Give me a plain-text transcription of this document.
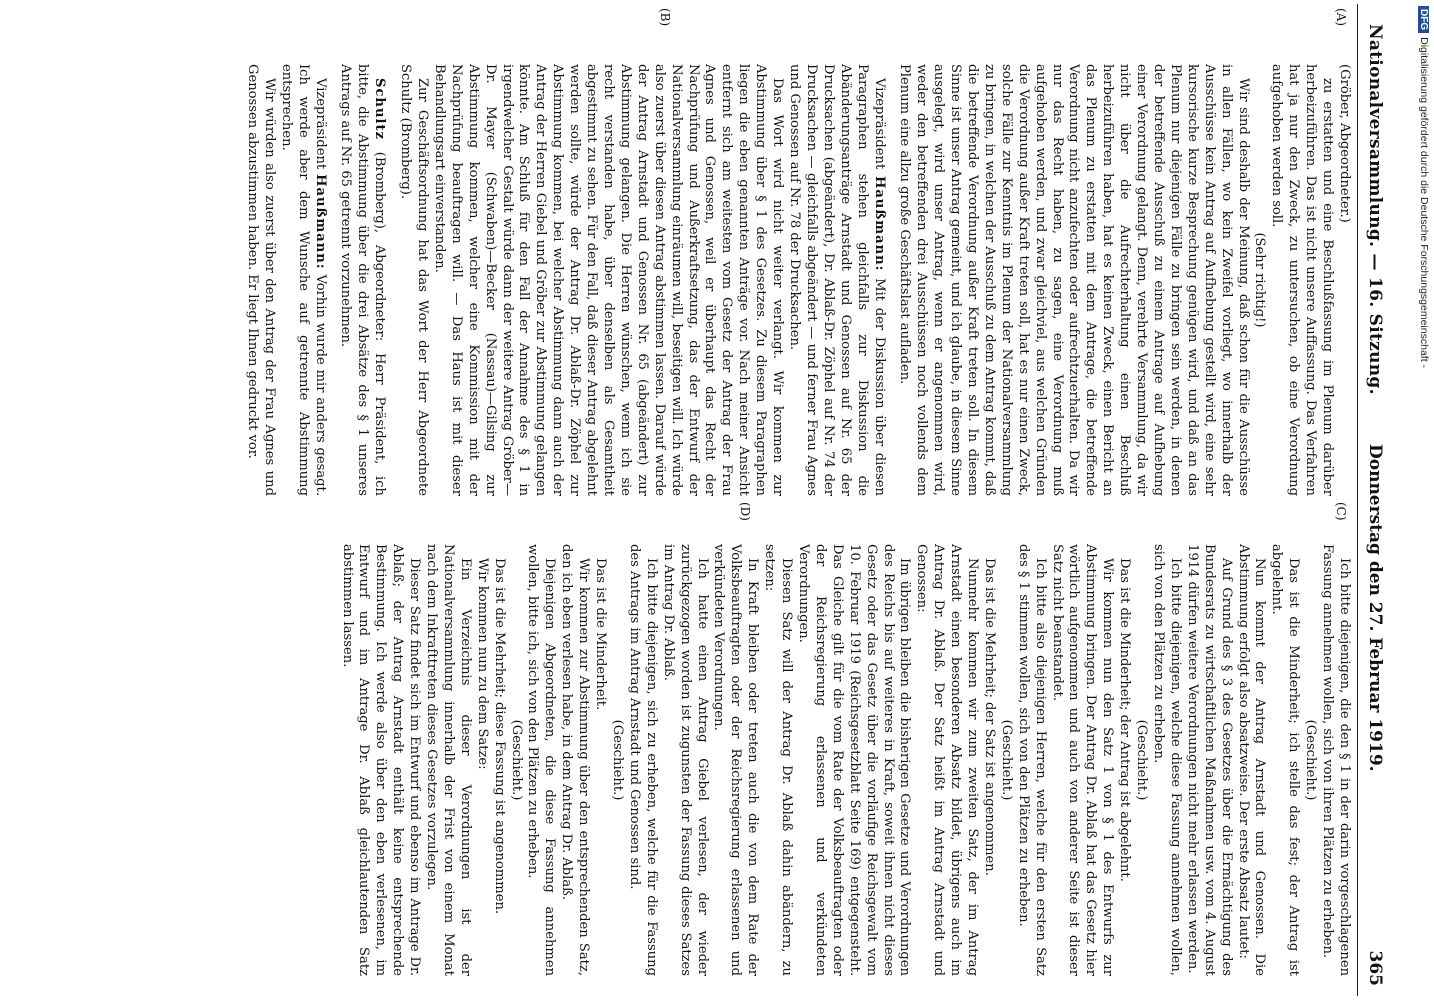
Nationalversammlung. — 16. Sitzung.
Donnerstag den 27. Februar 1919.
365
(A)
(B)
(C)
(D)

(Gröber, Abgeordneter.)

zu erstatten und eine Beschlußfassung im Plenum darüber herbeizuführen. Das ist nicht unsere Auffassung. Das Verfahren hat ja nur den Zweck, zu untersuchen, ob eine Verordnung aufgehoben werden soll.

(Sehr richtig!)

Wir sind deshalb der Meinung, daß schon für die Ausschüsse in allen Fällen, wo kein Zweifel vorliegt, wo innerhalb der Ausschüsse kein Antrag auf Aufhebung gestellt wird, eine sehr kursorische kurze Besprechung genügen wird, und daß an das Plenum nur diejenigen Fälle zu bringen sein werden, in denen der betreffende Ausschuß zu einem Antrage auf Aufhebung einer Verordnung gelangt. Denn, verehrte Versammlung, da wir nicht über die Aufrechterhaltung einen Beschluß herbeizuführen haben, hat es keinen Zweck, einen Bericht an das Plenum zu erstatten mit dem Antrage, die betreffende Verordnung nicht anzufechten oder aufrechtzuerhalten. Da wir nur das Recht haben, zu sagen, eine Verordnung muß aufgehoben werden, und zwar gleichviel, aus welchen Gründen die Verordnung außer Kraft treten soll, hat es nur einen Zweck, solche Fälle zur Kenntnis im Plenum der Nationalversammlung zu bringen, in welchen der Ausschuß zu dem Antrag kommt, daß die betreffende Verordnung außer Kraft treten soll. In diesem Sinne ist unser Antrag gemeint, und ich glaube, in diesem Sinne ausgelegt, wird unser Antrag, wenn er angenommen wird, weder den betreffenden drei Ausschüssen noch vollends dem Plenum eine allzu große Geschäftslast aufladen.

Vizepräsident Haußmann: Mit der Diskussion über diesen Paragraphen stehen gleichfalls zur Diskussion die Abänderungsanträge Arnstadt und Genossen auf Nr. 65 der Drucksachen (abgeändert), Dr. Ablaß-Dr. Zöphel auf Nr. 74 der Drucksachen — gleichfalls abgeändert — und ferner Frau Agnes und Genossen auf Nr. 78 der Drucksachen.

Das Wort wird nicht weiter verlangt. Wir kommen zur Abstimmung über § 1 des Gesetzes. Zu diesem Paragraphen liegen die eben genannten Anträge vor. Nach meiner Ansicht entfernt sich am weitesten vom Gesetz der Antrag der Frau Agnes und Genossen, weil er überhaupt das Recht der Nachprüfung und Außerkraftsetzung, das der Entwurf der Nationalversammlung einräumen will, beseitigen will. Ich würde also zuerst über diesen Antrag abstimmen lassen. Darauf würde der Antrag Arnstadt und Genossen Nr. 65 (abgeändert) zur Abstimmung gelangen. Die Herren wünschen, wenn ich sie recht verstanden habe, über denselben als Gesamtheit abgestimmt zu sehen. Für den Fall, daß dieser Antrag abgelehnt werden sollte, würde der Antrag Dr. Ablaß-Dr. Zöphel zur Abstimmung kommen, bei welcher Abstimmung dann auch der Antrag der Herren Giebel und Gröber zur Abstimmung gelangen könnte. Am Schluß für den Fall der Annahme des § 1 in irgendwelcher Gestalt würde dann der weitere Antrag Gröber—Dr. Mayer (Schwaben)—Becker (Nassau)—Gilsing zur Abstimmung kommen, welcher eine Kommission mit der Nachprüfung beauftragen will. — Das Haus ist mit dieser Behandlungsart einverstanden.

Zur Geschäftsordnung hat das Wort der Herr Abgeordnete Schultz (Bromberg).

Schultz (Bromberg), Abgeordneter: Herr Präsident, ich bitte, die Abstimmung über die drei Absätze des § 1 unseres Antrags auf Nr. 65 getrennt vorzunehmen.

Vizepräsident Haußmann: Vorhin wurde mir anders gesagt. Ich werde aber dem Wunsche auf getrennte Abstimmung entsprechen.

Wir würden also zuerst über den Antrag der Frau Agnes und Genossen abzustimmen haben. Er liegt Ihnen gedruckt vor.

Ich bitte diejenigen, die den § 1 in der darin vorgeschlagenen Fassung annehmen wollen, sich von ihren Plätzen zu erheben.

(Geschieht.)

Das ist die Minderheit; ich stelle das fest; der Antrag ist abgelehnt.

Nun kommt der Antrag Arnstadt und Genossen. Die Abstimmung erfolgt also absatzweise. Der erste Absatz lautet:

Auf Grund des § 3 des Gesetzes über die Ermächtigung des Bundesrats zu wirtschaftlichen Maßnahmen usw. vom 4. August 1914 dürfen weitere Verordnungen nicht mehr erlassen werden.

Ich bitte diejenigen, welche diese Fassung annehmen wollen, sich von den Plätzen zu erheben.

(Geschieht.)

Das ist die Minderheit; der Antrag ist abgelehnt.

Wir kommen nun den Satz 1 von § 1 des Entwurfs zur Abstimmung bringen. Der Antrag Dr. Ablaß hat das Gesetz hier wörtlich aufgenommen und auch von anderer Seite ist dieser Satz nicht beanstandet.

Ich bitte also diejenigen Herren, welche für den ersten Satz des § 1 stimmen wollen, sich von den Plätzen zu erheben.

(Geschieht.)

Das ist die Mehrheit; der Satz ist angenommen.

Nunmehr kommen wir zum zweiten Satz, der im Antrag Arnstadt einen besonderen Absatz bildet, übrigens auch im Antrag Dr. Ablaß. Der Satz heißt im Antrag Arnstadt und Genossen:

Im übrigen bleiben die bisherigen Gesetze und Verordnungen des Reichs bis auf weiteres in Kraft, soweit ihnen nicht dieses Gesetz oder das Gesetz über die vorläufige Reichsgewalt vom 10. Februar 1919 (Reichsgesetzblatt Seite 169) entgegensteht. Das Gleiche gilt für die vom Rate der Volksbeauftragten oder der Reichsregierung erlassenen und verkündeten Verordnungen.

Diesen Satz will der Antrag Dr. Ablaß dahin abändern, zu setzen:

In Kraft bleiben oder treten auch die von dem Rate der Volksbeauftragten oder der Reichsregierung erlassenen und verkündeten Verordnungen.

Ich hatte einen Antrag Giebel verlesen, der wieder zurückgezogen worden ist zugunsten der Fassung dieses Satzes im Antrag Dr. Ablaß.

Ich bitte diejenigen, sich zu erheben, welche für die Fassung des Antrags im Antrag Arnstadt und Genossen sind.

(Geschieht.)

Das ist die Minderheit.

Wir kommen zur Abstimmung über den entsprechenden Satz, den ich eben verlesen habe, in dem Antrag Dr. Ablaß.

Diejenigen Abgeordneten, die diese Fassung annehmen wollen, bitte ich, sich von den Plätzen zu erheben.

(Geschieht.)

Das ist die Mehrheit; diese Fassung ist angenommen.

Wir kommen nun zu dem Satze:

Ein Verzeichnis dieser Verordnungen ist der Nationalversammlung innerhalb der Frist von einem Monat nach dem Inkrafttreten dieses Gesetzes vorzulegen.

Dieser Satz findet sich im Entwurf und ebenso im Antrage Dr. Ablaß; der Antrag Arnstadt enthält keine entsprechende Bestimmung. Ich werde also über den eben verlesenen, im Entwurf und im Antrage Dr. Ablaß gleichlautenden Satz abstimmen lassen.

DFGDigitalisierung gefördert durch die Deutsche Forschungsgemeinschaft -
